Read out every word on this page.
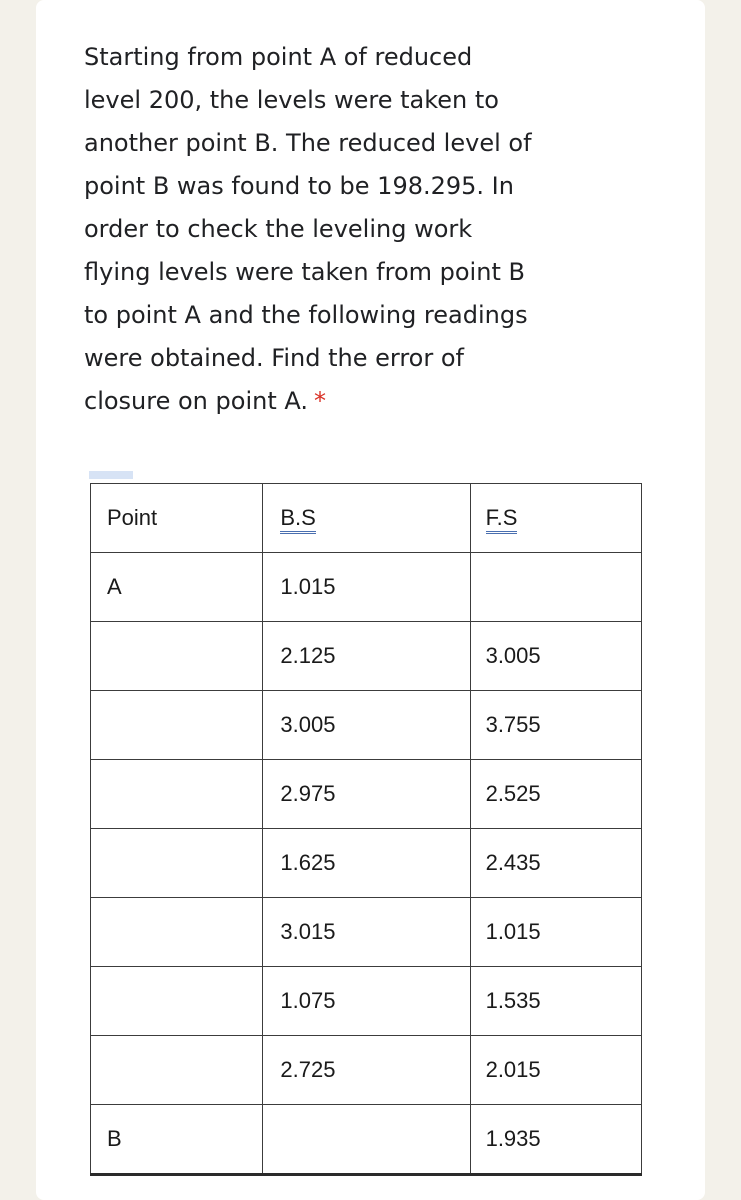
Starting from point A of reduced
level 200, the levels were taken to
another point B. The reduced level of
point B was found to be 198.295. In
order to check the leveling work
flying levels were taken from point B
to point A and the following readings
were obtained. Find the error of
closure on point A. *
Point	B.S	F.S
A	1.015	
	2.125	3.005
	3.005	3.755
	2.975	2.525
	1.625	2.435
	3.015	1.015
	1.075	1.535
	2.725	2.015
B		1.935
